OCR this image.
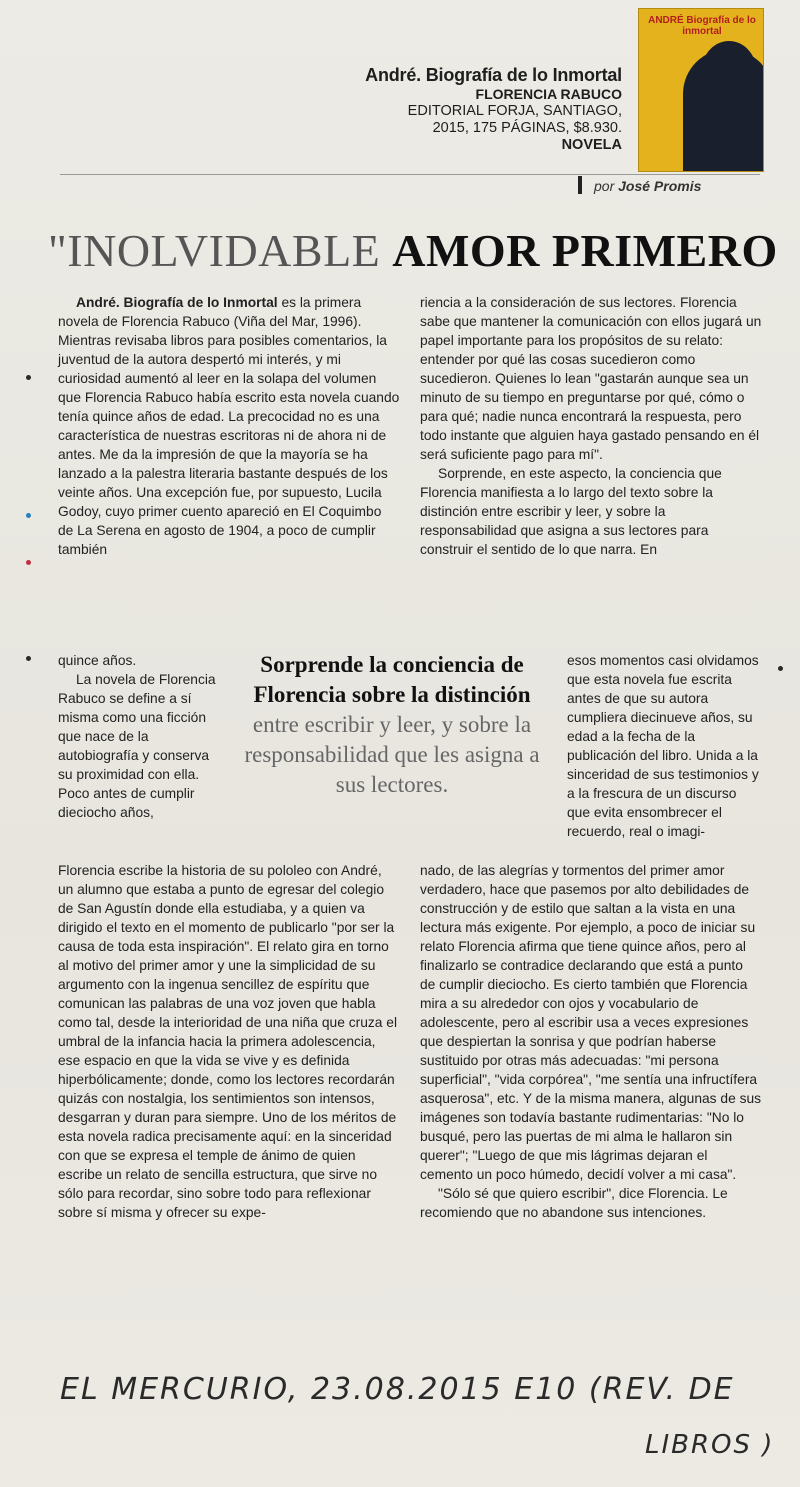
André. Biografía de lo Inmortal
FLORENCIA RABUCO
EDITORIAL FORJA, SANTIAGO,
2015, 175 PÁGINAS, $8.930.
NOVELA
ANDRÉ Biografía de lo inmortal
por José Promis
"INOLVIDABLE AMOR PRIMERO

André. Biografía de lo Inmortal es la primera novela de Florencia Rabuco (Viña del Mar, 1996). Mientras revisaba libros para posibles comentarios, la juventud de la autora despertó mi interés, y mi curiosidad aumentó al leer en la solapa del volumen que Florencia Rabuco había escrito esta novela cuando tenía quince años de edad. La precocidad no es una característica de nuestras escritoras ni de ahora ni de antes. Me da la impresión de que la mayoría se ha lanzado a la palestra literaria bastante después de los veinte años. Una excepción fue, por supuesto, Lucila Godoy, cuyo primer cuento apareció en El Coquimbo de La Serena en agosto de 1904, a poco de cumplir también

quince años.

La novela de Florencia Rabuco se define a sí misma como una ficción que nace de la autobiografía y conserva su proximidad con ella. Poco antes de cumplir dieciocho años,

Florencia escribe la historia de su pololeo con André, un alumno que estaba a punto de egresar del colegio de San Agustín donde ella estudiaba, y a quien va dirigido el texto en el momento de publicarlo "por ser la causa de toda esta inspiración". El relato gira en torno al motivo del primer amor y une la simplicidad de su argumento con la ingenua sencillez de espíritu que comunican las palabras de una voz joven que habla como tal, desde la interioridad de una niña que cruza el umbral de la infancia hacia la primera adolescencia, ese espacio en que la vida se vive y es definida hiperbólicamente; donde, como los lectores recordarán quizás con nostalgia, los sentimientos son intensos, desgarran y duran para siempre. Uno de los méritos de esta novela radica precisamente aquí: en la sinceridad con que se expresa el temple de ánimo de quien escribe un relato de sencilla estructura, que sirve no sólo para recordar, sino sobre todo para reflexionar sobre sí misma y ofrecer su expe-

riencia a la consideración de sus lectores. Florencia sabe que mantener la comunicación con ellos jugará un papel importante para los propósitos de su relato: entender por qué las cosas sucedieron como sucedieron. Quienes lo lean "gastarán aunque sea un minuto de su tiempo en preguntarse por qué, cómo o para qué; nadie nunca encontrará la respuesta, pero todo instante que alguien haya gastado pensando en él será suficiente pago para mí".

Sorprende, en este aspecto, la conciencia que Florencia manifiesta a lo largo del texto sobre la distinción entre escribir y leer, y sobre la responsabilidad que asigna a sus lectores para construir el sentido de lo que narra. En

esos momentos casi olvidamos que esta novela fue escrita antes de que su autora cumpliera diecinueve años, su edad a la fecha de la publicación del libro. Unida a la sinceridad de sus testimonios y a la frescura de un discurso que evita ensombrecer el recuerdo, real o imagi-

nado, de las alegrías y tormentos del primer amor verdadero, hace que pasemos por alto debilidades de construcción y de estilo que saltan a la vista en una lectura más exigente. Por ejemplo, a poco de iniciar su relato Florencia afirma que tiene quince años, pero al finalizarlo se contradice declarando que está a punto de cumplir dieciocho. Es cierto también que Florencia mira a su alrededor con ojos y vocabulario de adolescente, pero al escribir usa a veces expresiones que despiertan la sonrisa y que podrían haberse sustituido por otras más adecuadas: "mi persona superficial", "vida corpórea", "me sentía una infructífera asquerosa", etc. Y de la misma manera, algunas de sus imágenes son todavía bastante rudimentarias: "No lo busqué, pero las puertas de mi alma le hallaron sin querer"; "Luego de que mis lágrimas dejaran el cemento un poco húmedo, decidí volver a mi casa".

"Sólo sé que quiero escribir", dice Florencia. Le recomiendo que no abandone sus intenciones.

Sorprende la conciencia de Florencia sobre la distinción entre escribir y leer, y sobre la responsabilidad que les asigna a sus lectores.
EL MERCURIO, 23.08.2015 E10 (REV. DE
LIBROS )
